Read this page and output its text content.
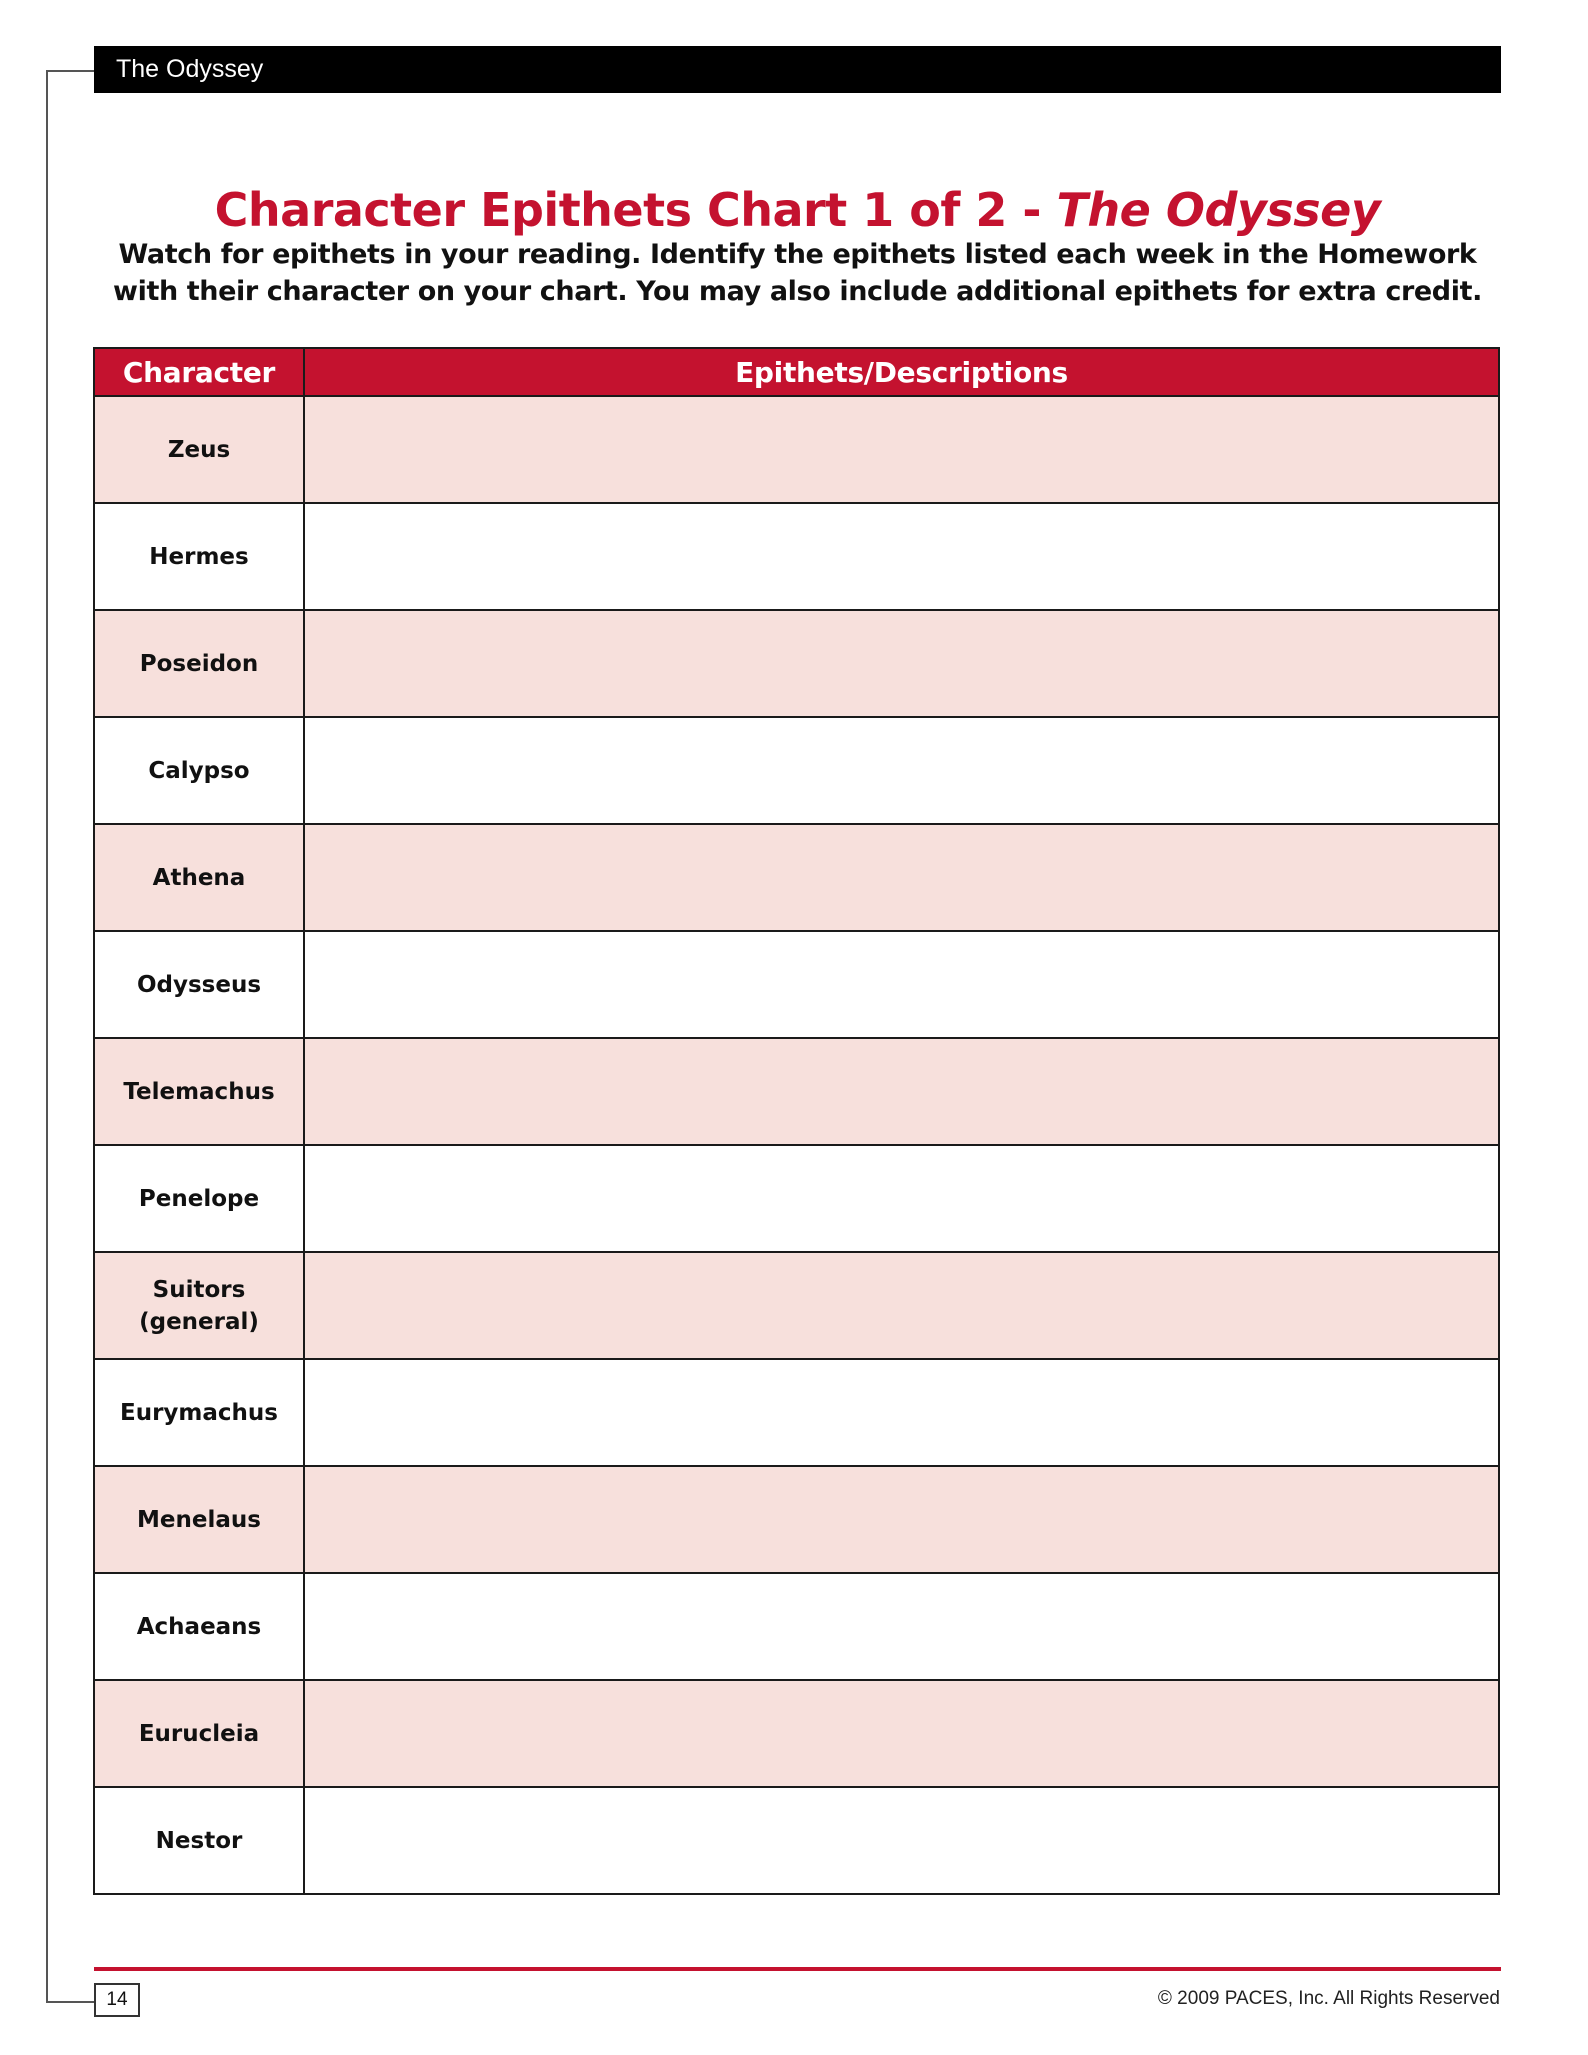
The Odyssey
Character Epithets Chart 1 of 2 - The Odyssey
Watch for epithets in your reading. Identify the epithets listed each week in the Homework with their character on your chart. You may also include additional epithets for extra credit.
Character	Epithets/Descriptions
Zeus	
Hermes	
Poseidon	
Calypso	
Athena	
Odysseus	
Telemachus	
Penelope	
Suitors
(general)	
Eurymachus	
Menelaus	
Achaeans	
Eurucleia	
Nestor	
14	© 2009 PACES, Inc. All Rights Reserved
